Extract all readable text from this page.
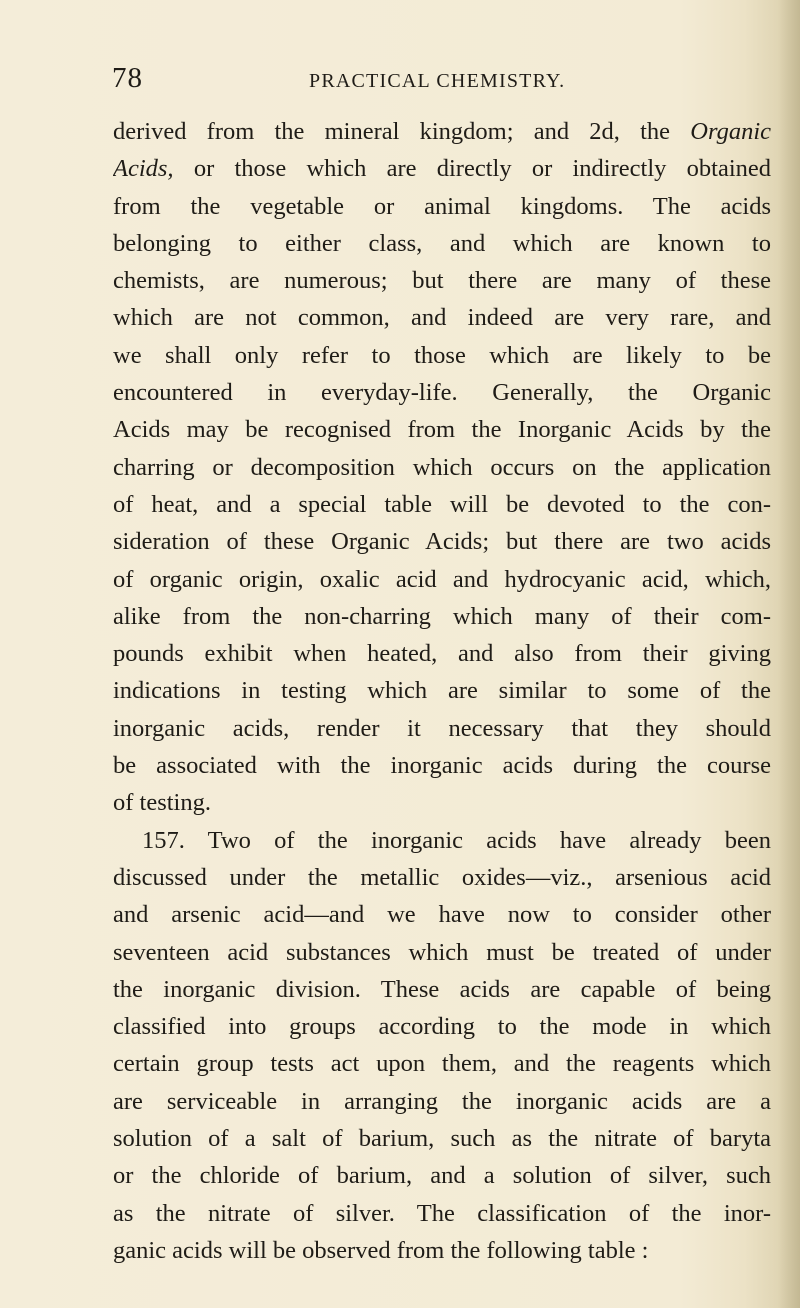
78	PRACTICAL CHEMISTRY.
derived from the mineral kingdom; and 2d, the Organic
Acids, or those which are directly or indirectly obtained
from the vegetable or animal kingdoms. The acids
belonging to either class, and which are known to
chemists, are numerous; but there are many of these
which are not common, and indeed are very rare, and
we shall only refer to those which are likely to be
encountered in everyday-life. Generally, the Organic
Acids may be recognised from the Inorganic Acids by the
charring or decomposition which occurs on the application
of heat, and a special table will be devoted to the con-
sideration of these Organic Acids; but there are two acids
of organic origin, oxalic acid and hydrocyanic acid, which,
alike from the non-charring which many of their com-
pounds exhibit when heated, and also from their giving
indications in testing which are similar to some of the
inorganic acids, render it necessary that they should
be associated with the inorganic acids during the course
of testing.
157. Two of the inorganic acids have already been
discussed under the metallic oxides—viz., arsenious acid
and arsenic acid—and we have now to consider other
seventeen acid substances which must be treated of under
the inorganic division. These acids are capable of being
classified into groups according to the mode in which
certain group tests act upon them, and the reagents which
are serviceable in arranging the inorganic acids are a
solution of a salt of barium, such as the nitrate of baryta
or the chloride of barium, and a solution of silver, such
as the nitrate of silver. The classification of the inor-
ganic acids will be observed from the following table :
